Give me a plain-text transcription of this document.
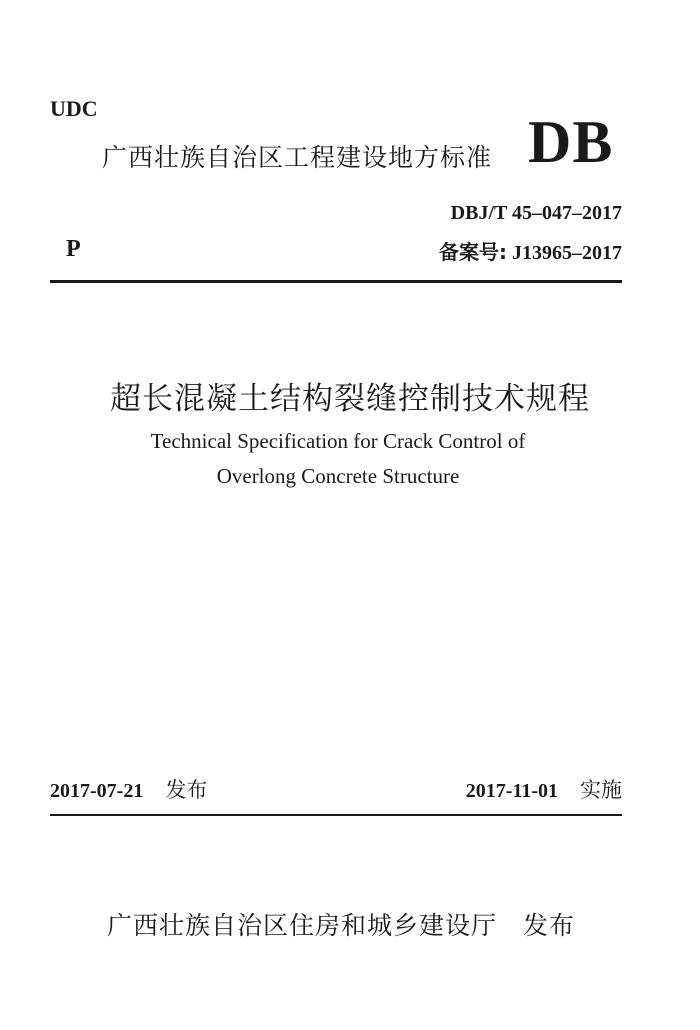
UDC
广西壮族自治区工程建设地方标准 DB
DBJ/T 45–047–2017
P	备案号: J13965–2017
超长混凝土结构裂缝控制技术规程
Technical Specification for Crack Control of
Overlong Concrete Structure
2017-07-21 发布	2017-11-01 实施
广西壮族自治区住房和城乡建设厅 发布
